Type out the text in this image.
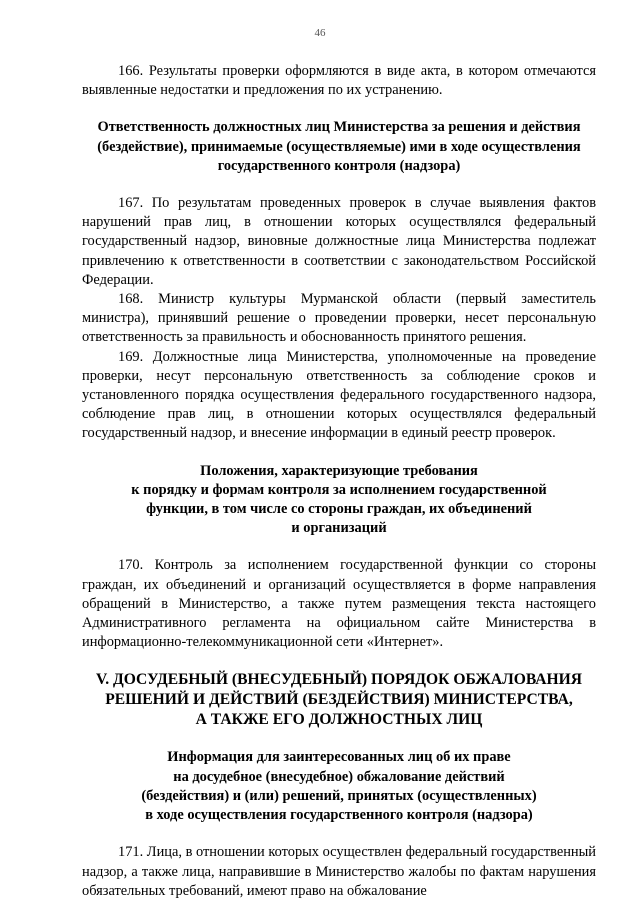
46

166. Результаты проверки оформляются в виде акта, в котором отмечаются выявленные недостатки и предложения по их устранению.

Ответственность должностных лиц Министерства за решения и действия (бездействие), принимаемые (осуществляемые) ими в ходе осуществления государственного контроля (надзора)

167. По результатам проведенных проверок в случае выявления фактов нарушений прав лиц, в отношении которых осуществлялся федеральный государственный надзор, виновные должностные лица Министерства подлежат привлечению к ответственности в соответствии с законодательством Российской Федерации.

168. Министр культуры Мурманской области (первый заместитель министра), принявший решение о проведении проверки, несет персональную ответственность за правильность и обоснованность принятого решения.

169. Должностные лица Министерства, уполномоченные на проведение проверки, несут персональную ответственность за соблюдение сроков и установленного порядка осуществления федерального государственного надзора, соблюдение прав лиц, в отношении которых осуществлялся федеральный государственный надзор, и внесение информации в единый реестр проверок.

Положения, характеризующие требования
к порядку и формам контроля за исполнением государственной
функции, в том числе со стороны граждан, их объединений
и организаций

170. Контроль за исполнением государственной функции со стороны граждан, их объединений и организаций осуществляется в форме направления обращений в Министерство, а также путем размещения текста настоящего Административного регламента на официальном сайте Министерства в информационно-телекоммуникационной сети «Интернет».

V. ДОСУДЕБНЫЙ (ВНЕСУДЕБНЫЙ) ПОРЯДОК ОБЖАЛОВАНИЯ
РЕШЕНИЙ И ДЕЙСТВИЙ (БЕЗДЕЙСТВИЯ) МИНИСТЕРСТВА,
А ТАКЖЕ ЕГО ДОЛЖНОСТНЫХ ЛИЦ
Информация для заинтересованных лиц об их праве
на досудебное (внесудебное) обжалование действий
(бездействия) и (или) решений, принятых (осуществленных)
в ходе осуществления государственного контроля (надзора)

171. Лица, в отношении которых осуществлен федеральный государственный надзор, а также лица, направившие в Министерство жалобы по фактам нарушения обязательных требований, имеют право на обжалование
